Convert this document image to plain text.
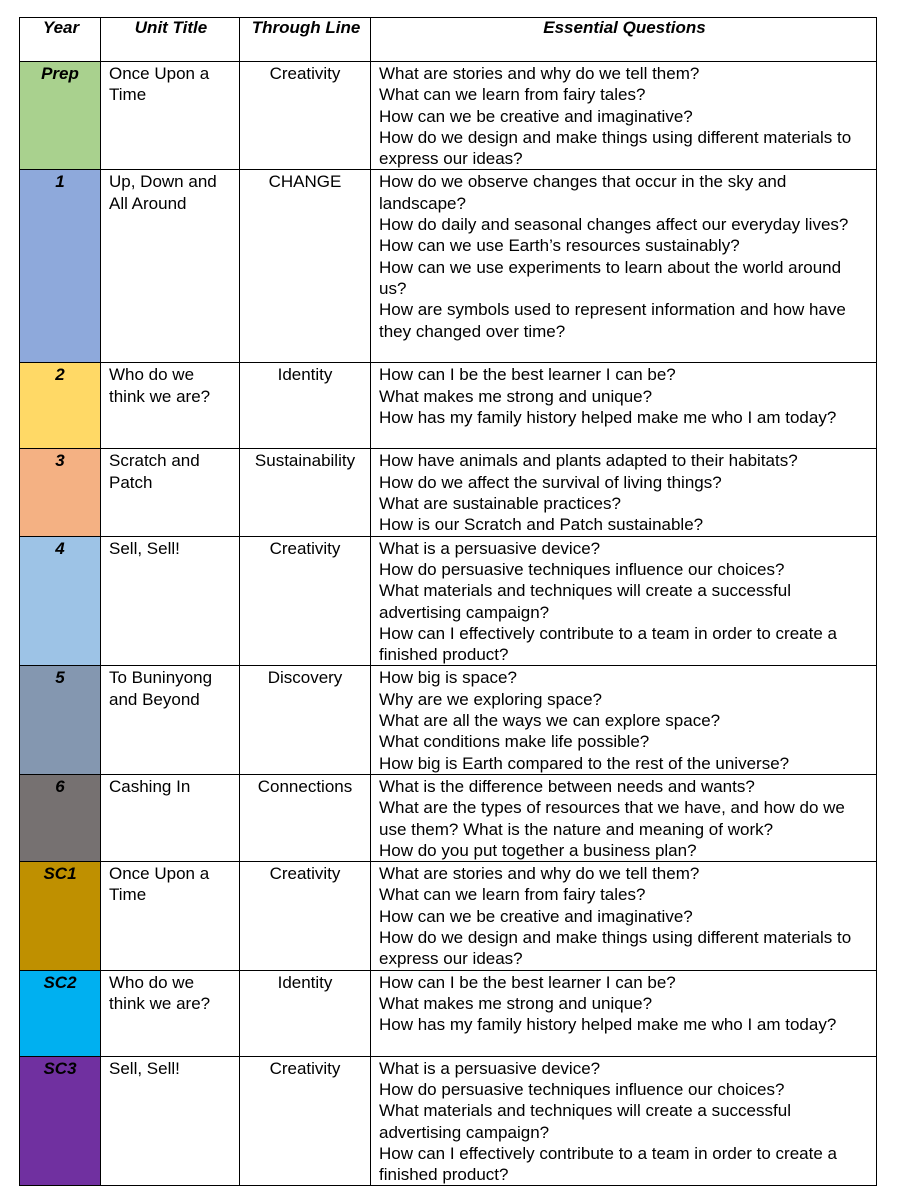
Year	Unit Title	Through Line	Essential Questions
Prep	Once Upon a Time	Creativity	What are stories and why do we tell them?
What can we learn from fairy tales?
How can we be creative and imaginative?
How do we design and make things using different materials to express our ideas?

1	Up, Down and All Around	CHANGE	How do we observe changes that occur in the sky and landscape?
How do daily and seasonal changes affect our everyday lives?
How can we use Earth’s resources sustainably?
How can we use experiments to learn about the world around us?
How are symbols used to represent information and how have they changed over time?

2	Who do we think we are?	Identity	How can I be the best learner I can be?
What makes me strong and unique?
How has my family history helped make me who I am today?

3	Scratch and Patch	Sustainability	How have animals and plants adapted to their habitats?
How do we affect the survival of living things?
What are sustainable practices?
How is our Scratch and Patch sustainable?

4	Sell, Sell!	Creativity	What is a persuasive device?
How do persuasive techniques influence our choices?
What materials and techniques will create a successful advertising campaign?
How can I effectively contribute to a team in order to create a finished product?

5	To Buninyong and Beyond	Discovery	How big is space?
Why are we exploring space?
What are all the ways we can explore space?
What conditions make life possible?
How big is Earth compared to the rest of the universe?

6	Cashing In	Connections	What is the difference between needs and wants?
What are the types of resources that we have, and how do we use them? What is the nature and meaning of work?
How do you put together a business plan?

SC1	Once Upon a Time	Creativity	What are stories and why do we tell them?
What can we learn from fairy tales?
How can we be creative and imaginative?
How do we design and make things using different materials to express our ideas?

SC2	Who do we think we are?	Identity	How can I be the best learner I can be?
What makes me strong and unique?
How has my family history helped make me who I am today?

SC3	Sell, Sell!	Creativity	What is a persuasive device?
How do persuasive techniques influence our choices?
What materials and techniques will create a successful advertising campaign?
How can I effectively contribute to a team in order to create a finished product?
